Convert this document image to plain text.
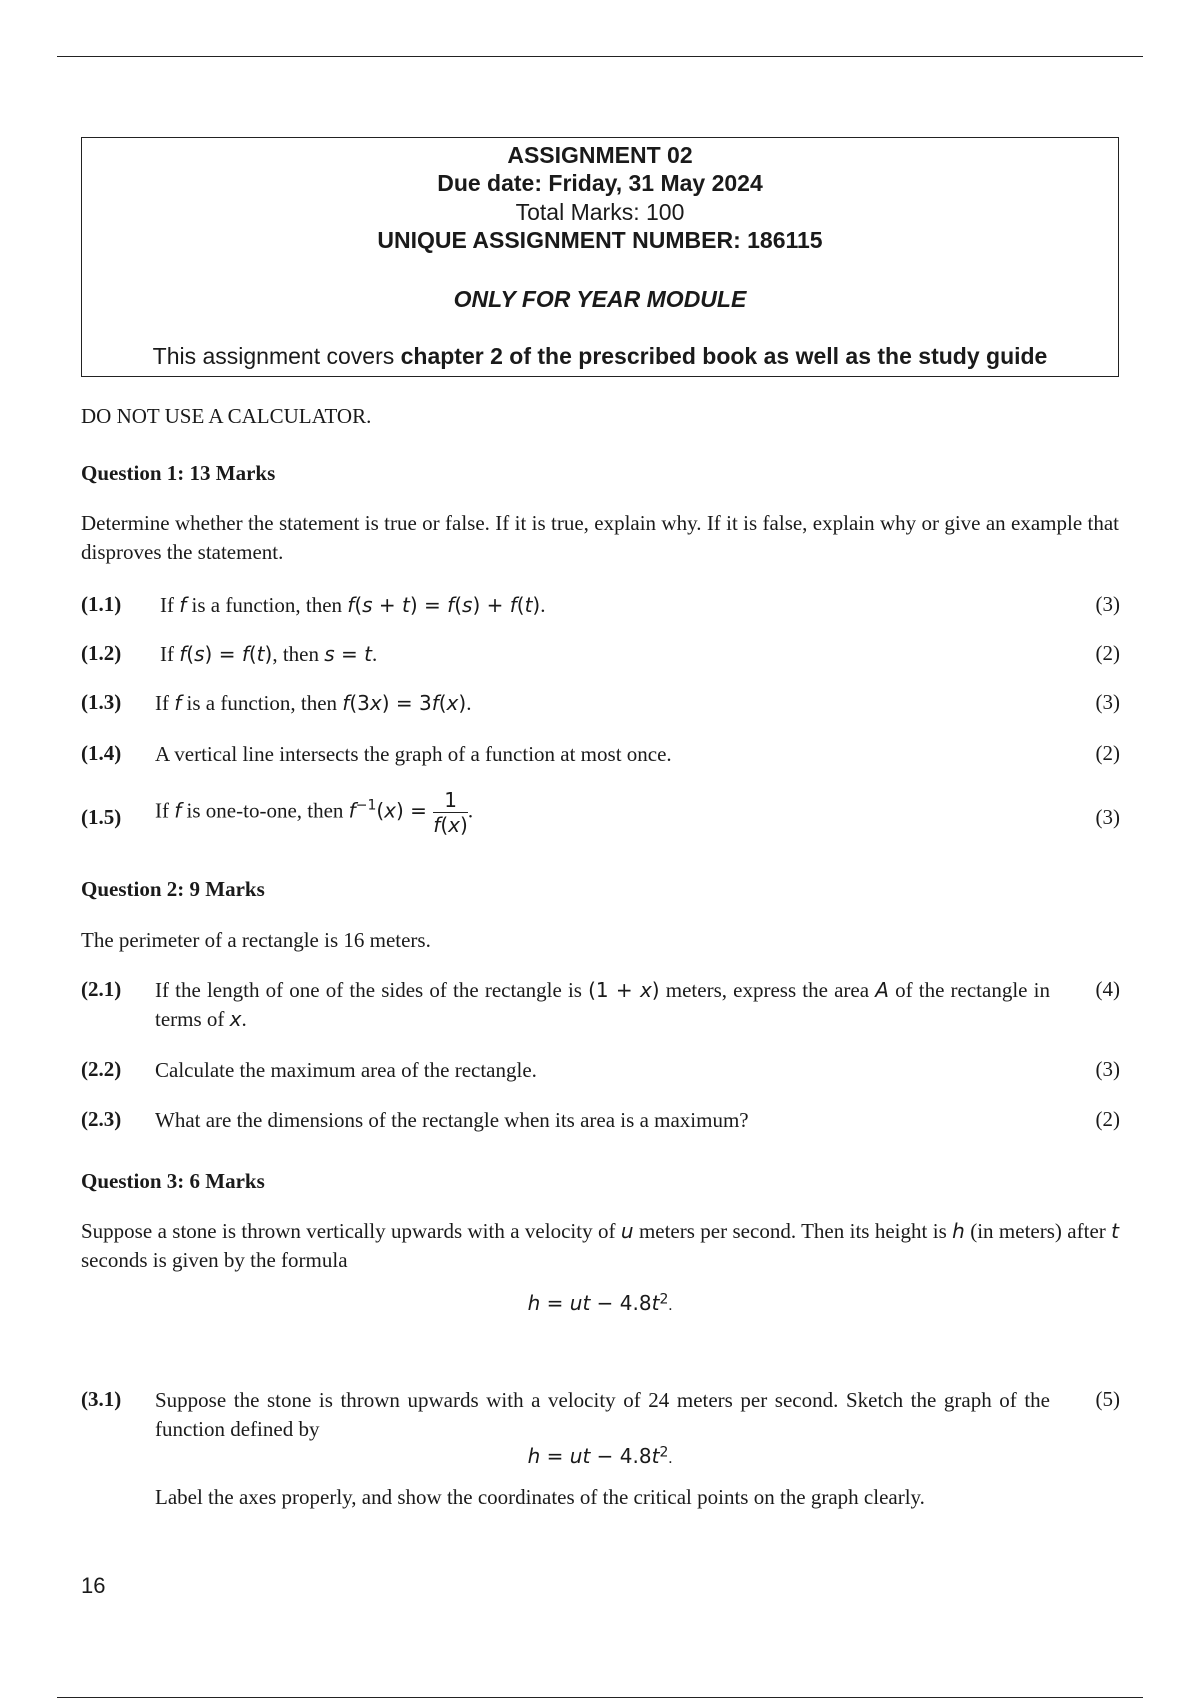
ASSIGNMENT 02
Due date: Friday, 31 May 2024
Total Marks: 100
UNIQUE ASSIGNMENT NUMBER: 186115
ONLY FOR YEAR MODULE
This assignment covers chapter 2 of the prescribed book as well as the study guide
DO NOT USE A CALCULATOR.
Question 1: 13 Marks
Determine whether the statement is true or false. If it is true, explain why. If it is false, explain why or give an example that disproves the statement.
(1.1) If f is a function, then f(s + t) = f(s) + f(t).	(3)
(1.2) If f(s) = f(t), then s = t.	(2)
(1.3) If f is a function, then f(3x) = 3f(x).	(3)
(1.4) A vertical line intersects the graph of a function at most once.	(2)
(1.5) If f is one-to-one, then $f^{-1}(x) = \frac{1}{f(x)}$ .	(3)
Question 2: 9 Marks
The perimeter of a rectangle is 16 meters.
(2.1) If the length of one of the sides of the rectangle is (1 + x) meters, express the area A of the rectangle in terms of x.
(4)
(2.2) Calculate the maximum area of the rectangle.	(3)
(2.3) What are the dimensions of the rectangle when its area is a maximum?	(2)
Question 3: 6 Marks
Suppose a stone is thrown vertically upwards with a velocity of u meters per second. Then its height is h (in meters) after t seconds is given by the formula
h = ut − $4.8t^2$.
(3.1) Suppose the stone is thrown upwards with a velocity of 24 meters per second. Sketch the graph of the function defined by
(5)
h = ut − $4.8t^2$.
Label the axes properly, and show the coordinates of the critical points on the graph clearly.
16
